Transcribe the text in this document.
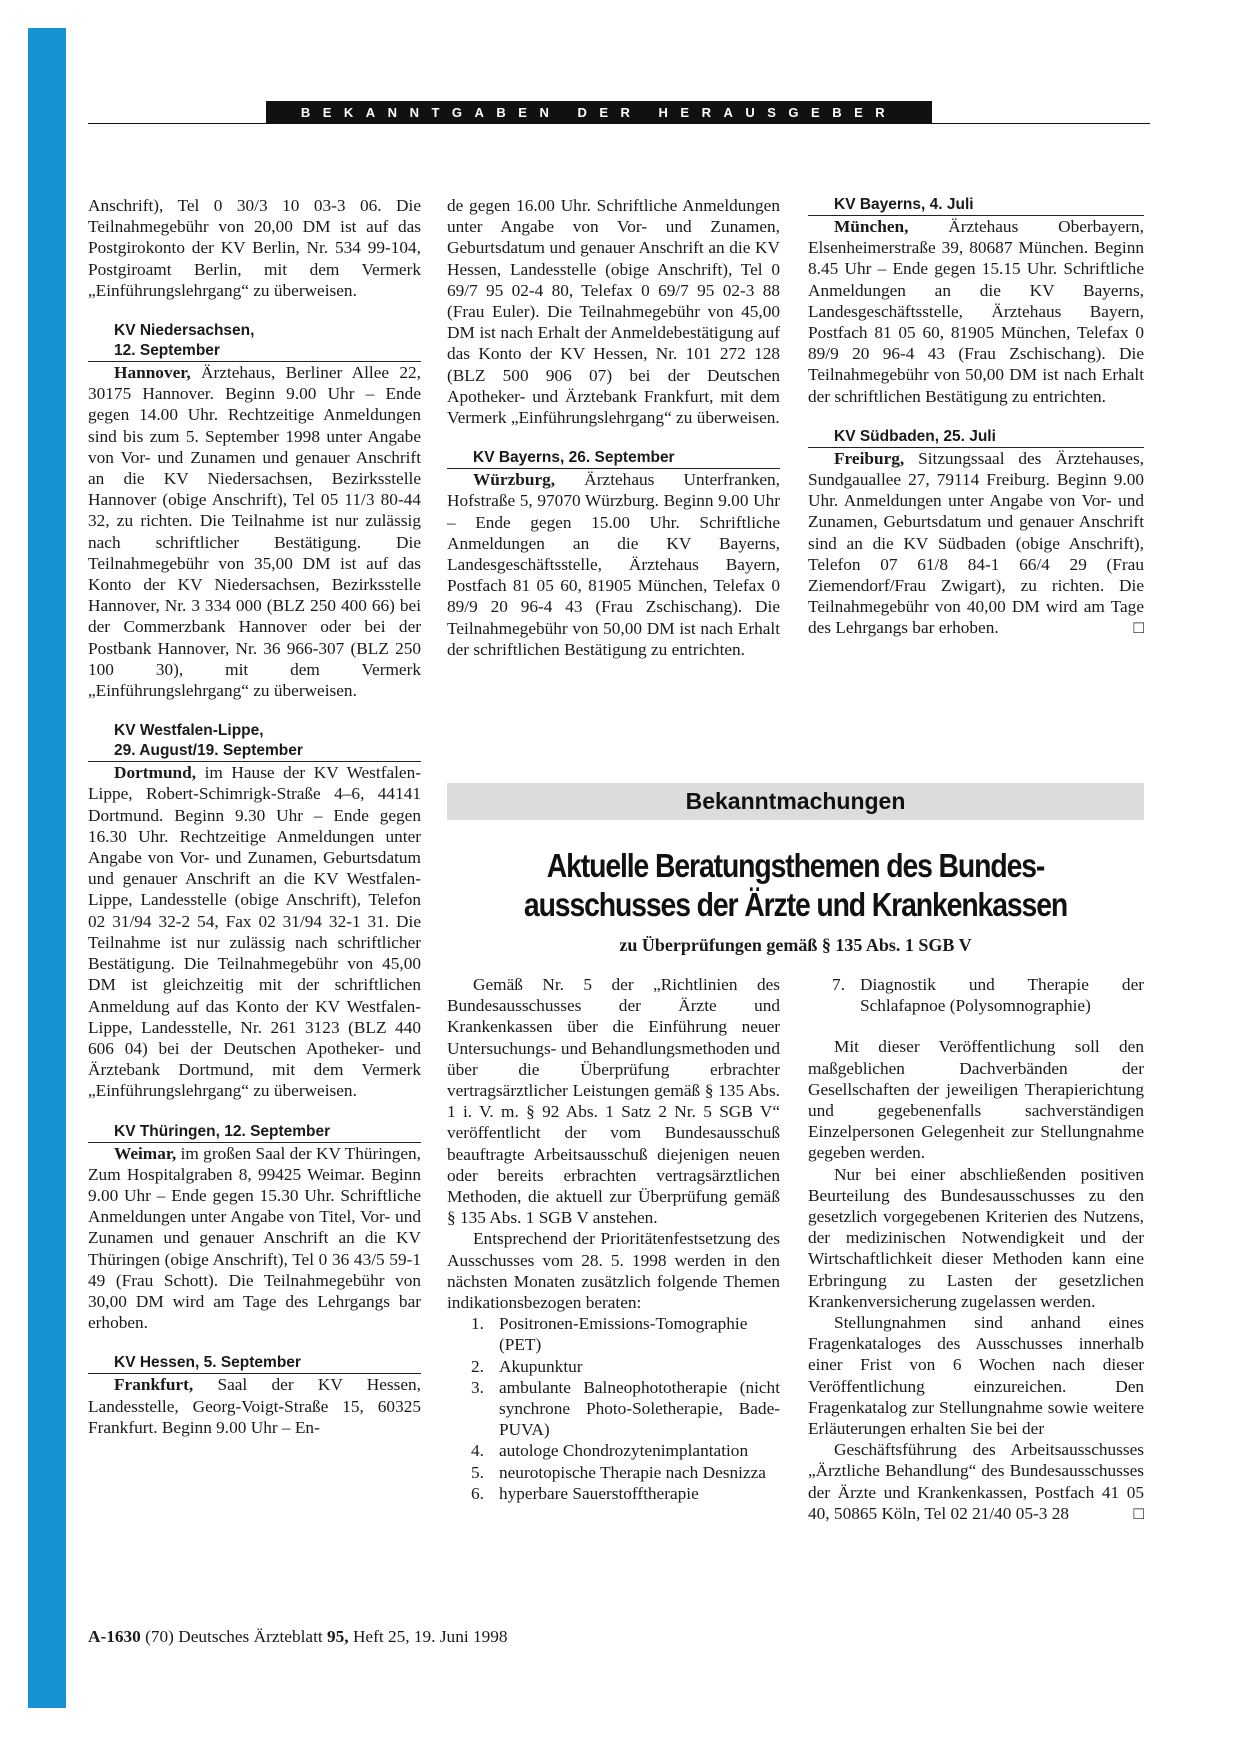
BEKANNTGABEN DER HERAUSGEBER

Anschrift), Tel 0 30/3 10 03-3 06. Die Teilnahmegebühr von 20,00 DM ist auf das Postgirokonto der KV Berlin, Nr. 534 99-104, Postgiroamt Berlin, mit dem Vermerk „Einführungslehrgang“ zu überweisen.

KV Niedersachsen,
12. September

Hannover, Ärztehaus, Berliner Allee 22, 30175 Hannover. Beginn 9.00 Uhr – Ende gegen 14.00 Uhr. Rechtzeitige Anmeldungen sind bis zum 5. September 1998 unter Angabe von Vor- und Zunamen und genauer Anschrift an die KV Niedersachsen, Bezirksstelle Hannover (obige Anschrift), Tel 05 11/3 80-44 32, zu richten. Die Teilnahme ist nur zulässig nach schriftlicher Bestätigung. Die Teilnahmegebühr von 35,00 DM ist auf das Konto der KV Niedersachsen, Bezirksstelle Hannover, Nr. 3 334 000 (BLZ 250 400 66) bei der Commerzbank Hannover oder bei der Postbank Hannover, Nr. 36 966-307 (BLZ 250 100 30), mit dem Vermerk „Einführungslehrgang“ zu überweisen.

KV Westfalen-Lippe,
29. August/19. September

Dortmund, im Hause der KV Westfalen-Lippe, Robert-Schimrigk-Straße 4–6, 44141 Dortmund. Beginn 9.30 Uhr – Ende gegen 16.30 Uhr. Rechtzeitige Anmeldungen unter Angabe von Vor- und Zunamen, Geburtsdatum und genauer Anschrift an die KV Westfalen-Lippe, Landesstelle (obige Anschrift), Telefon 02 31/94 32-2 54, Fax 02 31/94 32-1 31. Die Teilnahme ist nur zulässig nach schriftlicher Bestätigung. Die Teilnahmegebühr von 45,00 DM ist gleichzeitig mit der schriftlichen Anmeldung auf das Konto der KV Westfalen-Lippe, Landesstelle, Nr. 261 3123 (BLZ 440 606 04) bei der Deutschen Apotheker- und Ärztebank Dortmund, mit dem Vermerk „Einführungslehrgang“ zu überweisen.

KV Thüringen, 12. September

Weimar, im großen Saal der KV Thüringen, Zum Hospitalgraben 8, 99425 Weimar. Beginn 9.00 Uhr – Ende gegen 15.30 Uhr. Schriftliche Anmeldungen unter Angabe von Titel, Vor- und Zunamen und genauer Anschrift an die KV Thüringen (obige Anschrift), Tel 0 36 43/5 59-1 49 (Frau Schott). Die Teilnahmegebühr von 30,00 DM wird am Tage des Lehrgangs bar erhoben.

KV Hessen, 5. September

Frankfurt, Saal der KV Hessen, Landesstelle, Georg-Voigt-Straße 15, 60325 Frankfurt. Beginn 9.00 Uhr – En-

de gegen 16.00 Uhr. Schriftliche Anmeldungen unter Angabe von Vor- und Zunamen, Geburtsdatum und genauer Anschrift an die KV Hessen, Landesstelle (obige Anschrift), Tel 0 69/7 95 02-4 80, Telefax 0 69/7 95 02-3 88 (Frau Euler). Die Teilnahmegebühr von 45,00 DM ist nach Erhalt der Anmeldebestätigung auf das Konto der KV Hessen, Nr. 101 272 128 (BLZ 500 906 07) bei der Deutschen Apotheker- und Ärztebank Frankfurt, mit dem Vermerk „Einführungslehrgang“ zu überweisen.

KV Bayerns, 26. September

Würzburg, Ärztehaus Unterfranken, Hofstraße 5, 97070 Würzburg. Beginn 9.00 Uhr – Ende gegen 15.00 Uhr. Schriftliche Anmeldungen an die KV Bayerns, Landesgeschäftsstelle, Ärztehaus Bayern, Postfach 81 05 60, 81905 München, Telefax 0 89/9 20 96-4 43 (Frau Zschischang). Die Teilnahmegebühr von 50,00 DM ist nach Erhalt der schriftlichen Bestätigung zu entrichten.

KV Bayerns, 4. Juli

München, Ärztehaus Oberbayern, Elsenheimerstraße 39, 80687 München. Beginn 8.45 Uhr – Ende gegen 15.15 Uhr. Schriftliche Anmeldungen an die KV Bayerns, Landesgeschäftsstelle, Ärztehaus Bayern, Postfach 81 05 60, 81905 München, Telefax 0 89/9 20 96-4 43 (Frau Zschischang). Die Teilnahmegebühr von 50,00 DM ist nach Erhalt der schriftlichen Bestätigung zu entrichten.

KV Südbaden, 25. Juli

Freiburg, Sitzungssaal des Ärztehauses, Sundgauallee 27, 79114 Freiburg. Beginn 9.00 Uhr. Anmeldungen unter Angabe von Vor- und Zunamen, Geburtsdatum und genauer Anschrift sind an die KV Südbaden (obige Anschrift), Telefon 07 61/8 84-1 66/4 29 (Frau Ziemendorf/Frau Zwigart), zu richten. Die Teilnahmegebühr von 40,00 DM wird am Tage des Lehrgangs bar erhoben.	□

Bekanntmachungen
Aktuelle Beratungsthemen des Bundes-
ausschusses der Ärzte und Krankenkassen
zu Überprüfungen gemäß § 135 Abs. 1 SGB V

Gemäß Nr. 5 der „Richtlinien des Bundesausschusses der Ärzte und Krankenkassen über die Einführung neuer Untersuchungs- und Behandlungsmethoden und über die Überprüfung erbrachter vertragsärztlicher Leistungen gemäß § 135 Abs. 1 i. V. m. § 92 Abs. 1 Satz 2 Nr. 5 SGB V“ veröffentlicht der vom Bundesausschuß beauftragte Arbeitsausschuß diejenigen neuen oder bereits erbrachten vertragsärztlichen Methoden, die aktuell zur Überprüfung gemäß § 135 Abs. 1 SGB V anstehen.

Entsprechend der Prioritätenfestsetzung des Ausschusses vom 28. 5. 1998 werden in den nächsten Monaten zusätzlich folgende Themen indikationsbezogen beraten:

1. Positronen-Emissions-Tomographie (PET)
2. Akupunktur
3. ambulante Balneophototherapie (nicht synchrone Photo-Soletherapie, Bade-PUVA)
4. autologe Chondrozytenimplantation
5. neurotopische Therapie nach Desnizza
6. hyperbare Sauerstofftherapie
7. Diagnostik und Therapie der Schlafapnoe (Polysomnographie)

Mit dieser Veröffentlichung soll den maßgeblichen Dachverbänden der Gesellschaften der jeweiligen Therapierichtung und gegebenenfalls sachverständigen Einzelpersonen Gelegenheit zur Stellungnahme gegeben werden.

Nur bei einer abschließenden positiven Beurteilung des Bundesausschusses zu den gesetzlich vorgegebenen Kriterien des Nutzens, der medizinischen Notwendigkeit und der Wirtschaftlichkeit dieser Methoden kann eine Erbringung zu Lasten der gesetzlichen Krankenversicherung zugelassen werden.

Stellungnahmen sind anhand eines Fragenkataloges des Ausschusses innerhalb einer Frist von 6 Wochen nach dieser Veröffentlichung einzureichen. Den Fragenkatalog zur Stellungnahme sowie weitere Erläuterungen erhalten Sie bei der

Geschäftsführung des Arbeitsausschusses „Ärztliche Behandlung“ des Bundesausschusses der Ärzte und Krankenkassen, Postfach 41 05 40, 50865 Köln, Tel 02 21/40 05-3 28	□

A-1630 (70) Deutsches Ärzteblatt 95, Heft 25, 19. Juni 1998
